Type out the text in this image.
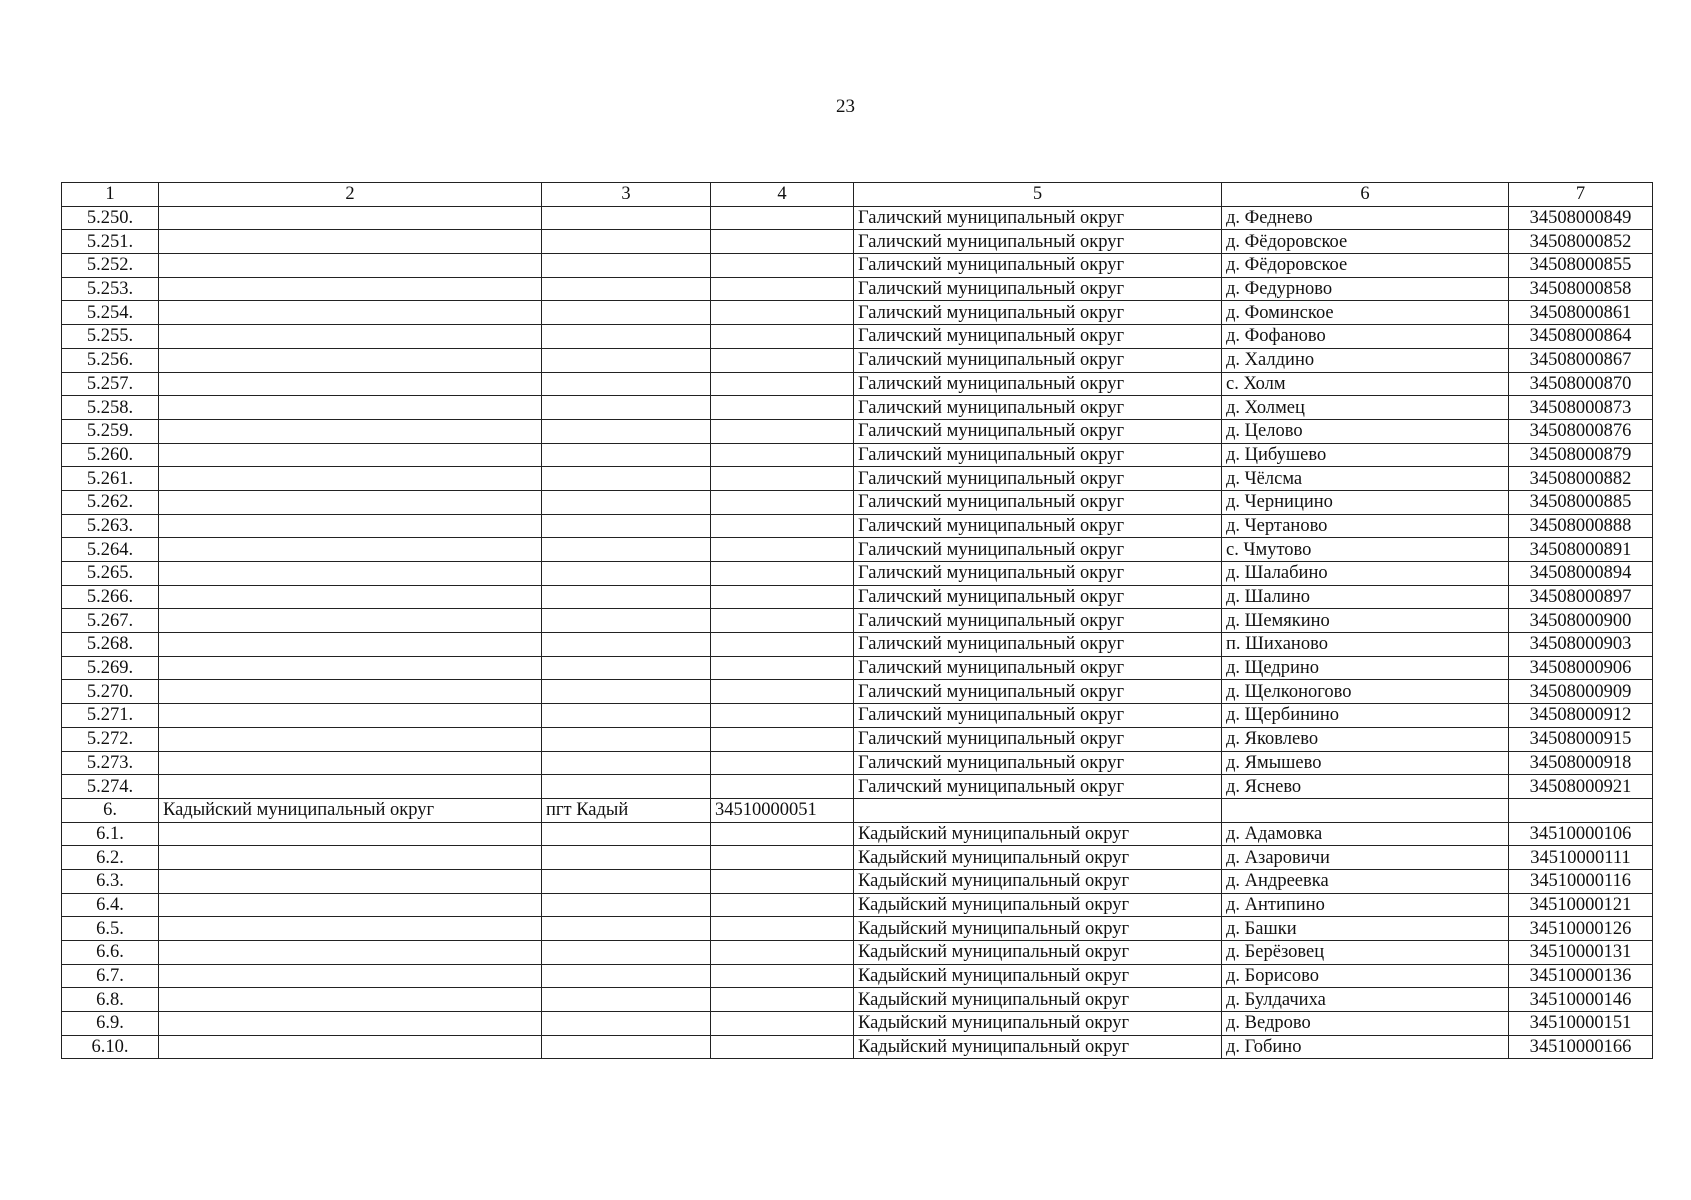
23
1	2	3	4	5	6	7
5.250.				Галичский муниципальный округ	д. Феднево	34508000849
5.251.				Галичский муниципальный округ	д. Фёдоровское	34508000852
5.252.				Галичский муниципальный округ	д. Фёдоровское	34508000855
5.253.				Галичский муниципальный округ	д. Федурново	34508000858
5.254.				Галичский муниципальный округ	д. Фоминское	34508000861
5.255.				Галичский муниципальный округ	д. Фофаново	34508000864
5.256.				Галичский муниципальный округ	д. Халдино	34508000867
5.257.				Галичский муниципальный округ	с. Холм	34508000870
5.258.				Галичский муниципальный округ	д. Холмец	34508000873
5.259.				Галичский муниципальный округ	д. Целово	34508000876
5.260.				Галичский муниципальный округ	д. Цибушево	34508000879
5.261.				Галичский муниципальный округ	д. Чёлсма	34508000882
5.262.				Галичский муниципальный округ	д. Черницино	34508000885
5.263.				Галичский муниципальный округ	д. Чертаново	34508000888
5.264.				Галичский муниципальный округ	с. Чмутово	34508000891
5.265.				Галичский муниципальный округ	д. Шалабино	34508000894
5.266.				Галичский муниципальный округ	д. Шалино	34508000897
5.267.				Галичский муниципальный округ	д. Шемякино	34508000900
5.268.				Галичский муниципальный округ	п. Шиханово	34508000903
5.269.				Галичский муниципальный округ	д. Щедрино	34508000906
5.270.				Галичский муниципальный округ	д. Щелконогово	34508000909
5.271.				Галичский муниципальный округ	д. Щербинино	34508000912
5.272.				Галичский муниципальный округ	д. Яковлево	34508000915
5.273.				Галичский муниципальный округ	д. Ямышево	34508000918
5.274.				Галичский муниципальный округ	д. Яснево	34508000921
6.	Кадыйский муниципальный округ	пгт Кадый	34510000051			
6.1.				Кадыйский муниципальный округ	д. Адамовка	34510000106
6.2.				Кадыйский муниципальный округ	д. Азаровичи	34510000111
6.3.				Кадыйский муниципальный округ	д. Андреевка	34510000116
6.4.				Кадыйский муниципальный округ	д. Антипино	34510000121
6.5.				Кадыйский муниципальный округ	д. Башки	34510000126
6.6.				Кадыйский муниципальный округ	д. Берёзовец	34510000131
6.7.				Кадыйский муниципальный округ	д. Борисово	34510000136
6.8.				Кадыйский муниципальный округ	д. Булдачиха	34510000146
6.9.				Кадыйский муниципальный округ	д. Ведрово	34510000151
6.10.				Кадыйский муниципальный округ	д. Гобино	34510000166
